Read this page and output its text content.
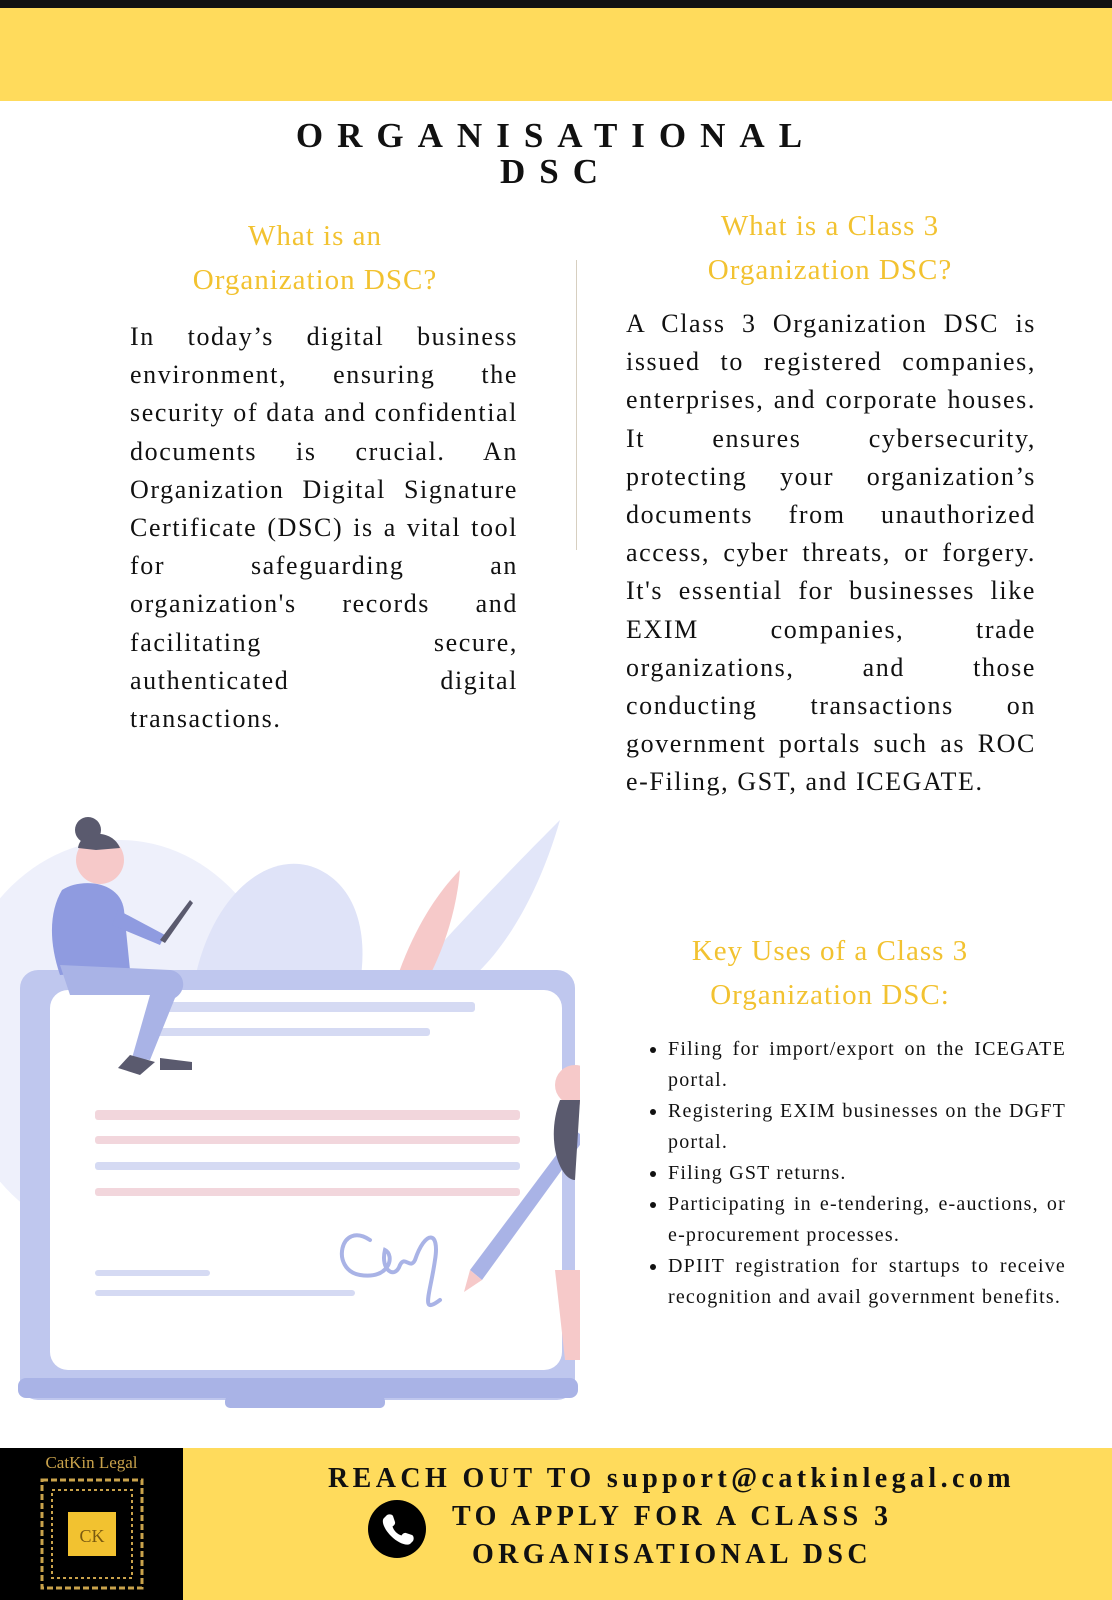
ORGANISATIONAL
DSC
What is an
Organization DSC?
What is a Class 3
Organization DSC?
In today’s digital business environment, ensuring the security of data and confidential documents is crucial. An Organization Digital Signature Certificate (DSC) is a vital tool for safeguarding an organization's records and facilitating secure, authenticated digital transactions.
A Class 3 Organization DSC is issued to registered companies, enterprises, and corporate houses. It ensures cybersecurity, protecting your organization’s documents from unauthorized access, cyber threats, or forgery. It's essential for businesses like EXIM companies, trade organizations, and those conducting transactions on government portals such as ROC e-Filing, GST, and ICEGATE.
Key Uses of a Class 3
Organization DSC:
• Filing for import/export on the ICEGATE portal.
• Registering EXIM businesses on the DGFT portal.
• Filing GST returns.
• Participating in e-tendering, e-auctions, or e-procurement processes.
• DPIIT registration for startups to receive recognition and avail government benefits.
CatKin Legal
CK
REACH OUT TO support@catkinlegal.com
TO APPLY FOR A CLASS 3
ORGANISATIONAL DSC
